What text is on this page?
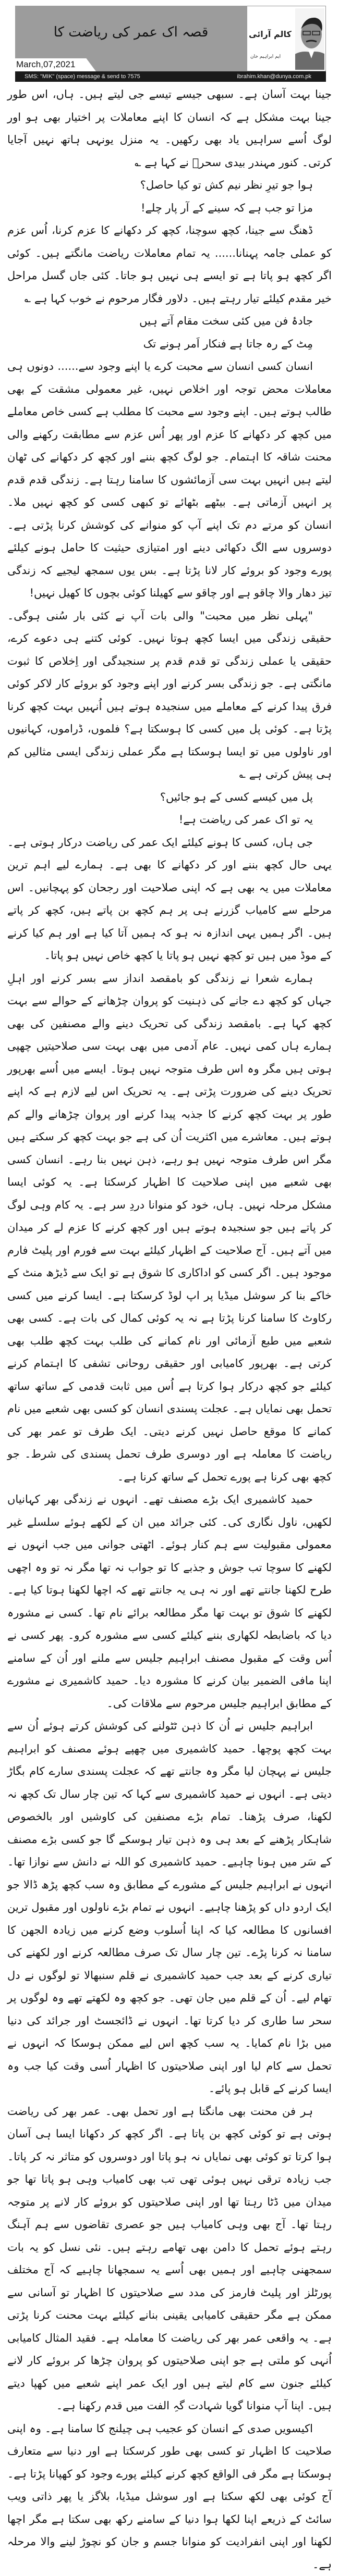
قصہ اک عمر کی ریاضت کا
March,07,2021
کالم آرائی
ایم ابراہیم خان
SMS: "MIK" (space) message & send to 7575	ibrahim.khan@dunya.com.pk

جینا بہت آسان ہے۔ سبھی جیسے تیسے جی لیتے ہیں۔ ہاں، اس طور جینا بہت مشکل ہے کہ انسان کا اپنے معاملات پر اختیار بھی ہو اور لوگ اُسے سراہیں یاد بھی رکھیں۔ یہ منزل یونہی ہاتھ نہیں آجایا کرتی۔ کنور مہندر بیدی سحرؔ نے کہا ہے ؎

ہوا جو تیرِ نظر نیم کش تو کیا حاصل؟
مزا تو جب ہے کہ سینے کے آر پار چلے!

ڈھنگ سے جینا، کچھ سوچنا، کچھ کر دکھانے کا عزم کرنا، اُس عزم کو عملی جامہ پہنانا...... یہ تمام معاملات ریاضت مانگتے ہیں۔ کوئی اگر کچھ ہو پاتا ہے تو ایسے ہی نہیں ہو جاتا۔ کئی جاں گسل مراحل خیر مقدم کیلئے تیار رہتے ہیں۔ دلاور فگار مرحوم نے خوب کہا ہے ؎

جادۂ فن میں کئی سخت مقام آتے ہیں
مِٹ کے رہ جاتا ہے فنکار اَمر ہونے تک

انسان کسی انسان سے محبت کرے یا اپنے وجود سے...... دونوں ہی معاملات محض توجہ اور اخلاص نہیں، غیر معمولی مشقت کے بھی طالب ہوتے ہیں۔ اپنے وجود سے محبت کا مطلب ہے کسی خاص معاملے میں کچھ کر دکھانے کا عزم اور پھر اُس عزم سے مطابقت رکھنے والی محنت شاقہ کا اہتمام۔ جو لوگ کچھ بننے اور کچھ کر دکھانے کی ٹھان لیتے ہیں انہیں بہت سی آزمائشوں کا سامنا رہتا ہے۔ زندگی قدم قدم پر انہیں آزماتی ہے۔ بیٹھے بٹھائے تو کبھی کسی کو کچھ نہیں ملا۔ انسان کو مرتے دم تک اپنے آپ کو منوانے کی کوشش کرنا پڑتی ہے۔ دوسروں سے الگ دکھائی دینے اور امتیازی حیثیت کا حامل ہونے کیلئے پورے وجود کو بروئے کار لانا پڑتا ہے۔ بس یوں سمجھ لیجیے کہ زندگی تیز دھار والا چاقو ہے اور چاقو سے کھیلنا کوئی بچوں کا کھیل نہیں!

"پہلی نظر میں محبت" والی بات آپ نے کئی بار سُنی ہوگی۔ حقیقی زندگی میں ایسا کچھ ہوتا نہیں۔ کوئی کتنے ہی دعوے کرے، حقیقی یا عملی زندگی تو قدم قدم پر سنجیدگی اور اِخلاص کا ثبوت مانگتی ہے۔ جو زندگی بسر کرنے اور اپنے وجود کو بروئے کار لاکر کوئی فرق پیدا کرنے کے معاملے میں سنجیدہ ہوتے ہیں اُنہیں بہت کچھ کرنا پڑتا ہے۔ کوئی پل میں کسی کا ہوسکتا ہے؟ فلموں، ڈراموں، کہانیوں اور ناولوں میں تو ایسا ہوسکتا ہے مگر عملی زندگی ایسی مثالیں کم ہی پیش کرتی ہے ؎

پل میں کیسے کسی کے ہو جائیں؟
یہ تو اک عمر کی ریاضت ہے!

جی ہاں، کسی کا ہونے کیلئے ایک عمر کی ریاضت درکار ہوتی ہے۔ یہی حال کچھ بننے اور کر دکھانے کا بھی ہے۔ ہمارے لیے اہم ترین معاملات میں یہ بھی ہے کہ اپنی صلاحیت اور رجحان کو پہچانیں۔ اس مرحلے سے کامیاب گزرنے ہی پر ہم کچھ بن پاتے ہیں، کچھ کر پاتے ہیں۔ اگر ہمیں یہی اندازہ نہ ہو کہ ہمیں آتا کیا ہے اور ہم کیا کرنے کے موڈ میں ہیں تو کچھ نہیں ہو پاتا یا کچھ خاص نہیں ہو پاتا۔

ہمارے شعرا نے زندگی کو بامقصد انداز سے بسر کرنے اور اہلِ جہاں کو کچھ دے جانے کی ذہنیت کو پروان چڑھانے کے حوالے سے بہت کچھ کہا ہے۔ بامقصد زندگی کی تحریک دینے والے مصنفین کی بھی ہمارے ہاں کمی نہیں۔ عام آدمی میں بھی بہت سی صلاحیتیں چھپی ہوتی ہیں مگر وہ اس طرف متوجہ نہیں ہوتا۔ ایسے میں اُسے بھرپور تحریک دینے کی ضرورت پڑتی ہے۔ یہ تحریک اس لیے لازم ہے کہ اپنے طور پر بہت کچھ کرنے کا جذبہ پیدا کرنے اور پروان چڑھانے والے کم ہوتے ہیں۔ معاشرے میں اکثریت اُن کی ہے جو بہت کچھ کر سکتے ہیں مگر اس طرف متوجہ نہیں ہو رہے، ذہن نہیں بنا رہے۔ انسان کسی بھی شعبے میں اپنی صلاحیت کا اظہار کرسکتا ہے۔ یہ کوئی ایسا مشکل مرحلہ نہیں۔ ہاں، خود کو منوانا دردِ سر ہے۔ یہ کام وہی لوگ کر پاتے ہیں جو سنجیدہ ہوتے ہیں اور کچھ کرنے کا عزم لے کر میدان میں آتے ہیں۔ آج صلاحیت کے اظہار کیلئے بہت سے فورم اور پلیٹ فارم موجود ہیں۔ اگر کسی کو اداکاری کا شوق ہے تو ایک سے ڈیڑھ منٹ کے خاکے بنا کر سوشل میڈیا پر اپ لوڈ کرسکتا ہے۔ ایسا کرنے میں کسی رکاوٹ کا سامنا کرنا پڑتا ہے نہ یہ کوئی کمال کی بات ہے۔ کسی بھی شعبے میں طبع آزمائی اور نام کمانے کی طلب بہت کچھ طلب بھی کرتی ہے۔ بھرپور کامیابی اور حقیقی روحانی تشفی کا اہتمام کرنے کیلئے جو کچھ درکار ہوا کرتا ہے اُس میں ثابت قدمی کے ساتھ ساتھ تحمل بھی نمایاں ہے۔ عجلت پسندی انسان کو کسی بھی شعبے میں نام کمانے کا موقع حاصل نہیں کرنے دیتی۔ ایک طرف تو عمر بھر کی ریاضت کا معاملہ ہے اور دوسری طرف تحمل پسندی کی شرط۔ جو کچھ بھی کرنا ہے پورے تحمل کے ساتھ کرنا ہے۔

حمید کاشمیری ایک بڑے مصنف تھے۔ انہوں نے زندگی بھر کہانیاں لکھیں، ناول نگاری کی۔ کئی جرائد میں ان کے لکھے ہوئے سلسلے غیر معمولی مقبولیت سے ہم کنار ہوئے۔ اٹھتی جوانی میں جب انہوں نے لکھنے کا سوچا تب جوش و جذبے کا تو جواب نہ تھا مگر نہ تو وہ اچھی طرح لکھنا جانتے تھے اور نہ ہی یہ جانتے تھے کہ اچھا لکھنا ہوتا کیا ہے۔ لکھنے کا شوق تو بہت تھا مگر مطالعہ برائے نام تھا۔ کسی نے مشورہ دیا کہ باضابطہ لکھاری بننے کیلئے کسی سے مشورہ کرو۔ پھر کسی نے اُس وقت کے مقبول مصنف ابراہیم جلیس سے ملنے اور اُن کے سامنے اپنا مافی الضمیر بیان کرنے کا مشورہ دیا۔ حمید کاشمیری نے مشورے کے مطابق ابراہیم جلیس مرحوم سے ملاقات کی۔

ابراہیم جلیس نے اُن کا ذہن ٹٹولنے کی کوشش کرتے ہوئے اُن سے بہت کچھ پوچھا۔ حمید کاشمیری میں چھپے ہوئے مصنف کو ابراہیم جلیس نے پہچان لیا مگر وہ جانتے تھے کہ عجلت پسندی سارے کام بگاڑ دیتی ہے۔ انہوں نے حمید کاشمیری سے کہا کہ تین چار سال تک کچھ نہ لکھنا، صرف پڑھنا۔ تمام بڑے مصنفین کی کاوشیں اور بالخصوص شاہکار پڑھنے کے بعد ہی وہ ذہن تیار ہوسکے گا جو کسی بڑے مصنف کے سَر میں ہونا چاہیے۔ حمید کاشمیری کو اللہ نے دانش سے نوازا تھا۔ انہوں نے ابراہیم جلیس کے مشورے کے مطابق وہ سب کچھ پڑھ ڈالا جو ایک اردو داں کو پڑھنا چاہیے۔ انہوں نے تمام بڑے ناولوں اور مقبول ترین افسانوں کا مطالعہ کیا کہ اپنا اُسلوب وضع کرنے میں زیادہ الجھن کا سامنا نہ کرنا پڑے۔ تین چار سال تک صرف مطالعہ کرنے اور لکھنے کی تیاری کرنے کے بعد جب حمید کاشمیری نے قلم سنبھالا تو لوگوں نے دل تھام لیے۔ اُن کے قلم میں جان تھی۔ جو کچھ وہ لکھتے تھے وہ لوگوں پر سحر سا طاری کر دیا کرتا تھا۔ انہوں نے ڈائجسٹ اور جرائد کی دنیا میں بڑا نام کمایا۔ یہ سب کچھ اس لیے ممکن ہوسکا کہ انہوں نے تحمل سے کام لیا اور اپنی صلاحیتوں کا اظہار اُسی وقت کیا جب وہ ایسا کرنے کے قابل ہو پائے۔

ہر فن محنت بھی مانگتا ہے اور تحمل بھی۔ عمر بھر کی ریاضت ہوتی ہے تو کوئی کچھ بن پاتا ہے۔ اگر کچھ کر دکھانا ایسا ہی آسان ہوا کرتا تو کوئی بھی نمایاں نہ ہو پاتا اور دوسروں کو متاثر نہ کر پاتا۔ جب زیادہ ترقی نہیں ہوئی تھی تب بھی کامیاب وہی ہو پاتا تھا جو میدان میں ڈٹا رہتا تھا اور اپنی صلاحیتوں کو بروئے کار لانے پر متوجہ رہتا تھا۔ آج بھی وہی کامیاب ہیں جو عصری تقاضوں سے ہم آہنگ رہتے ہوئے تحمل کا دامن بھی تھامے رہتے ہیں۔ نئی نسل کو یہ بات سمجھنی چاہیے اور ہمیں بھی اُسے یہ سمجھانا چاہیے کہ آج مختلف پورٹلز اور پلیٹ فارمز کی مدد سے صلاحیتوں کا اظہار تو آسانی سے ممکن ہے مگر حقیقی کامیابی یقینی بنانے کیلئے بہت محنت کرنا پڑتی ہے۔ یہ واقعی عمر بھر کی ریاضت کا معاملہ ہے۔ فقید المثال کامیابی اُنہی کو ملتی ہے جو اپنی صلاحیتوں کو پروان چڑھا کر بروئے کار لانے کیلئے جنون سے کام لیتے ہیں اور ایک عمر اپنے شعبے میں کھپا دیتے ہیں۔ اپنا آپ منوانا گویا شہادت گہِ الفت میں قدم رکھنا ہے۔

اکیسویں صدی کے انسان کو عجیب ہی چیلنج کا سامنا ہے۔ وہ اپنی صلاحیت کا اظہار تو کسی بھی طور کرسکتا ہے اور دنیا سے متعارف ہوسکتا ہے مگر فی الواقع کچھ کرنے کیلئے پورے وجود کو کھپانا پڑتا ہے۔ آج کوئی بھی لکھ سکتا ہے اور سوشل میڈیا، بلاگز یا پھر ذاتی ویب سائٹ کے ذریعے اپنا لکھا ہوا دنیا کے سامنے رکھ بھی سکتا ہے مگر اچھا لکھنا اور اپنی انفرادیت کو منوانا جسم و جان کو نچوڑ لینے والا مرحلہ ہے۔
